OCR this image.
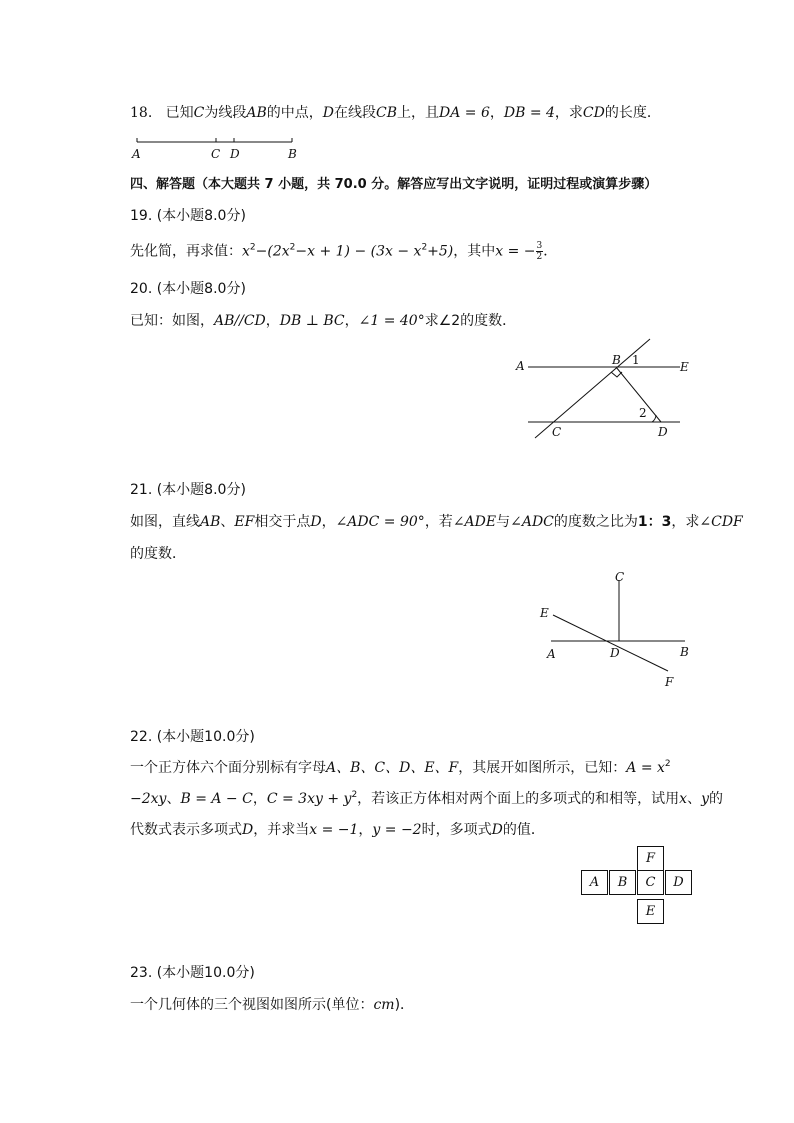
18. 已知C为线段AB的中点，D在线段CB上，且DA = 6，DB = 4，求CD的长度．
A	C D	B
四、解答题（本大题共 7 小题，共 70.0 分。解答应写出文字说明，证明过程或演算步骤）
19. (本小题8.0分)
先化简，再求值：$x^2-(2x^2-x + 1) - (3x - x^2+5)$，其中x = − $\frac{3}{2}$ ．
20. (本小题8.0分)
已知：如图，AB//CD，DB ⊥ BC，∠1 = 40°求∠2的度数．
A	B 1	E
2
C	D
21. (本小题8.0分)
如图，直线AB、EF相交于点D，∠ADC = 90°，若∠ADE与∠ADC的度数之比为1：3，求∠CDF
的度数．
C
E
A	D	B
F
22. (本小题10.0分)
一个正方体六个面分别标有字母A、B、C、D、E、F，其展开如图所示，已知：$A = x^2$
−2xy、B = A − C，$C = 3xy + y^2$，若该正方体相对两个面上的多项式的和相等，试用x、y的
代数式表示多项式D，并求当x = −1，y = −2时，多项式D的值．
F
A	B	C	D
E
23. (本小题10.0分)
一个几何体的三个视图如图所示(单位：cm)．
